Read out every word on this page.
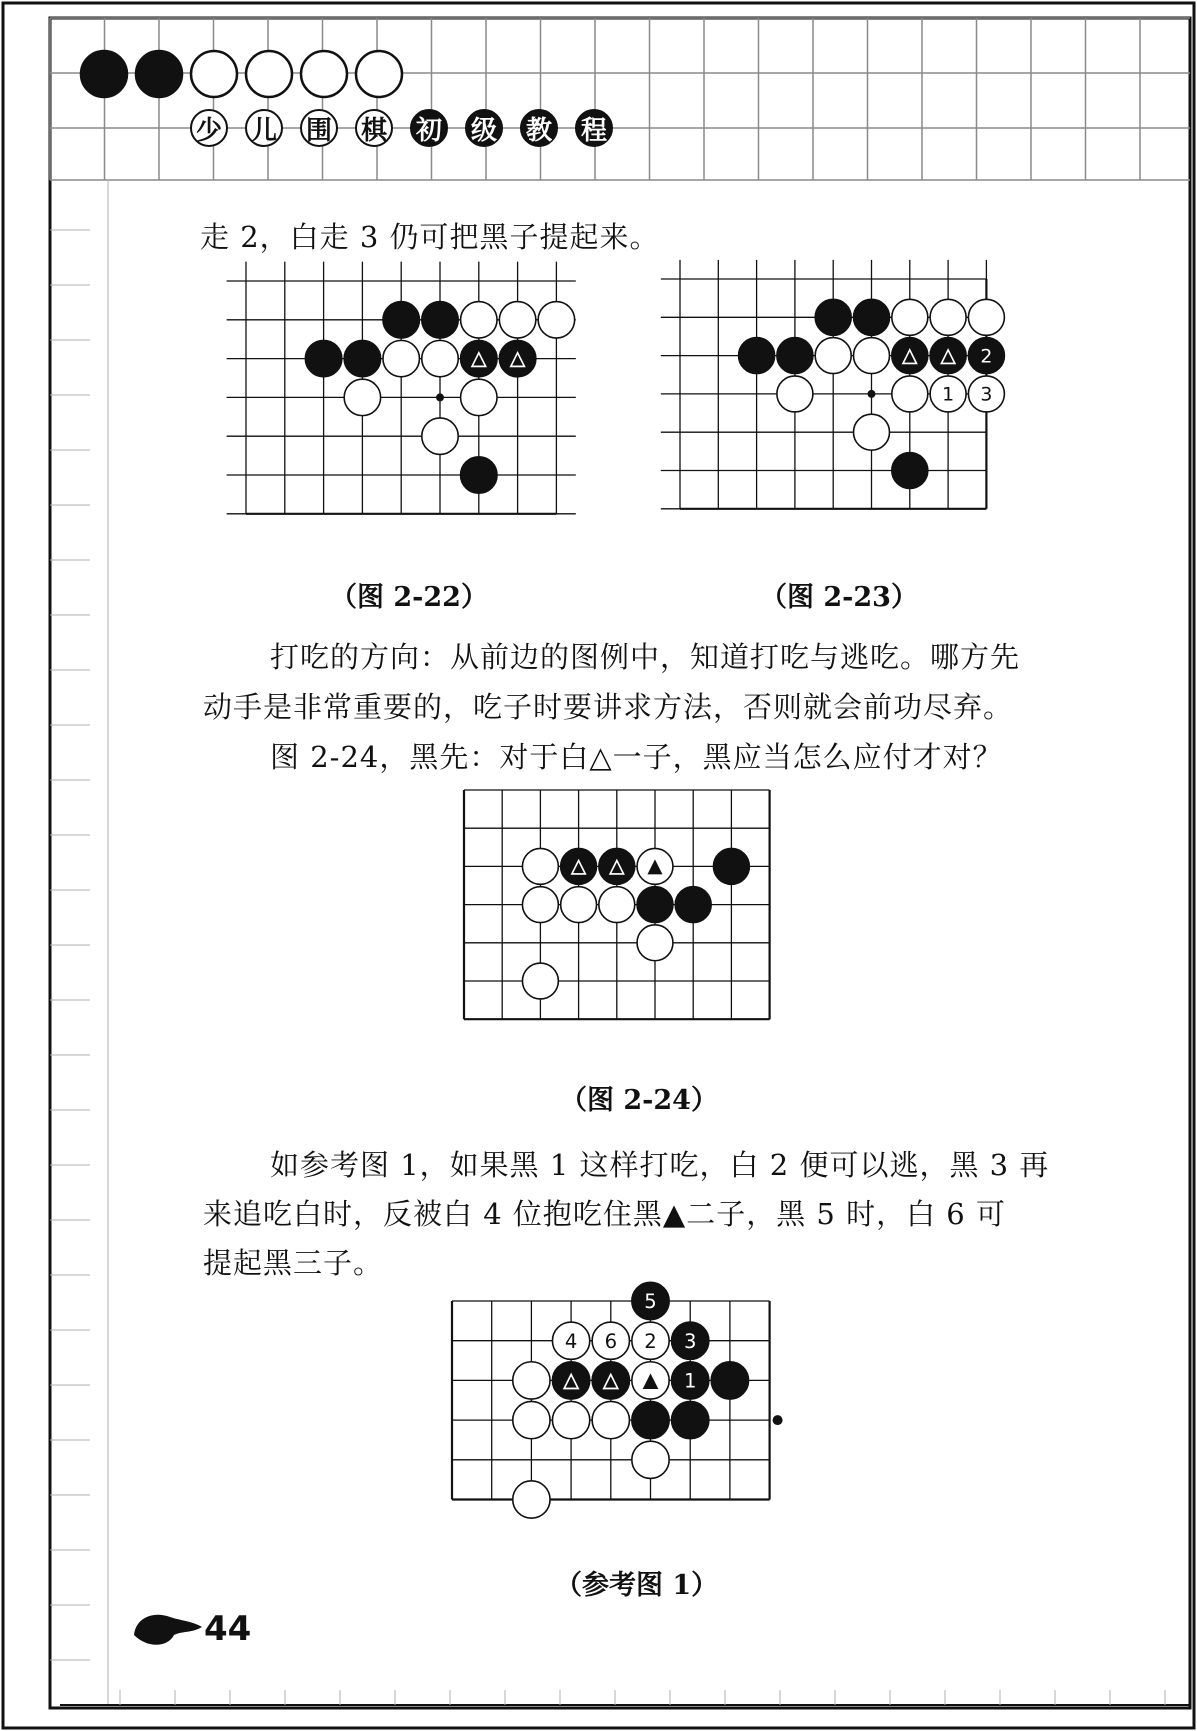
少 儿 围 棋 初 级 教 程
走 2，白走 3 仍可把黑子提起来。
△ △
（图 2-22）
△ △ 2
1 3
（图 2-23）
打吃的方向：从前边的图例中，知道打吃与逃吃。哪方先
动手是非常重要的，吃子时要讲求方法，否则就会前功尽弃。
图 2-24，黑先：对于白△一子，黑应当怎么应付才对？
△ △ ▲
（图 2-24）
如参考图 1，如果黑 1 这样打吃，白 2 便可以逃，黑 3 再
来追吃白时，反被白 4 位抱吃住黑▲二子，黑 5 时，白 6 可
提起黑三子。
5
4 6 2 3
△ △ ▲ 1
（参考图 1）
44
